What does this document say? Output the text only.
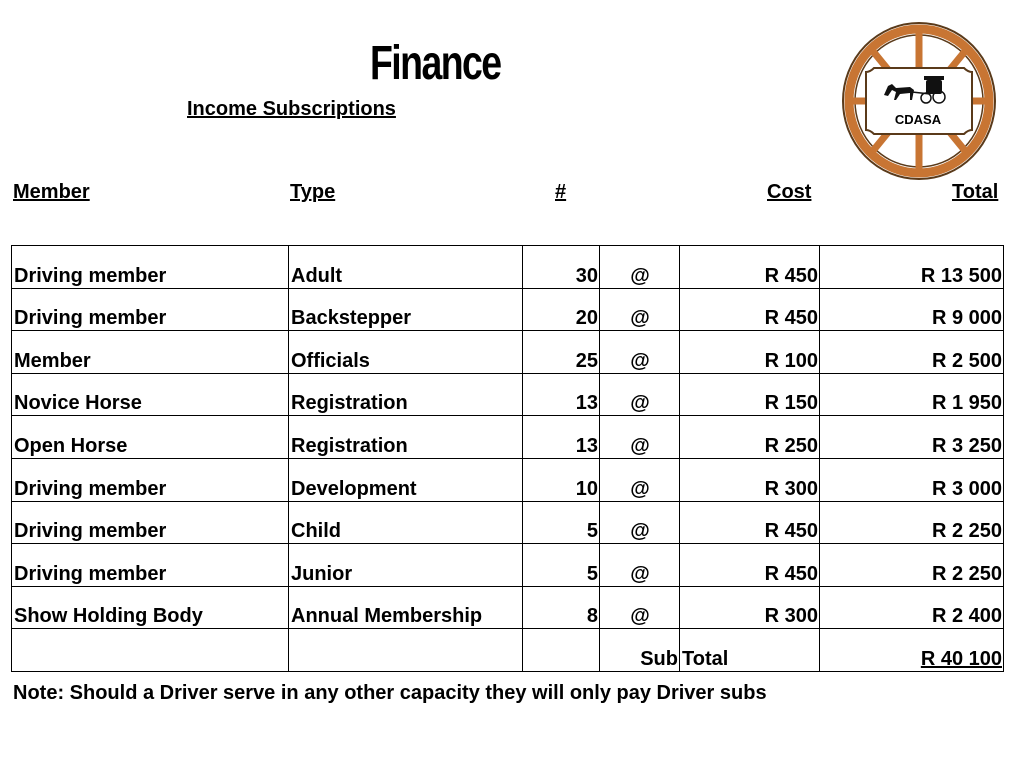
Finance
Income Subscriptions	CDASA
Member	Type	#	Cost	Total
Driving member	Adult	30	@	R 450	R 13 500
Driving member	Backstepper	20	@	R 450	R 9 000
Member	Officials	25	@	R 100	R 2 500
Novice Horse	Registration	13	@	R 150	R 1 950
Open Horse	Registration	13	@	R 250	R 3 250
Driving member	Development	10	@	R 300	R 3 000
Driving member	Child	5	@	R 450	R 2 250
Driving member	Junior	5	@	R 450	R 2 250
Show Holding Body	Annual Membership	8	@	R 300	R 2 400
			Sub	Total	R 40 100
Note: Should a Driver serve in any other capacity they will only pay Driver subs
